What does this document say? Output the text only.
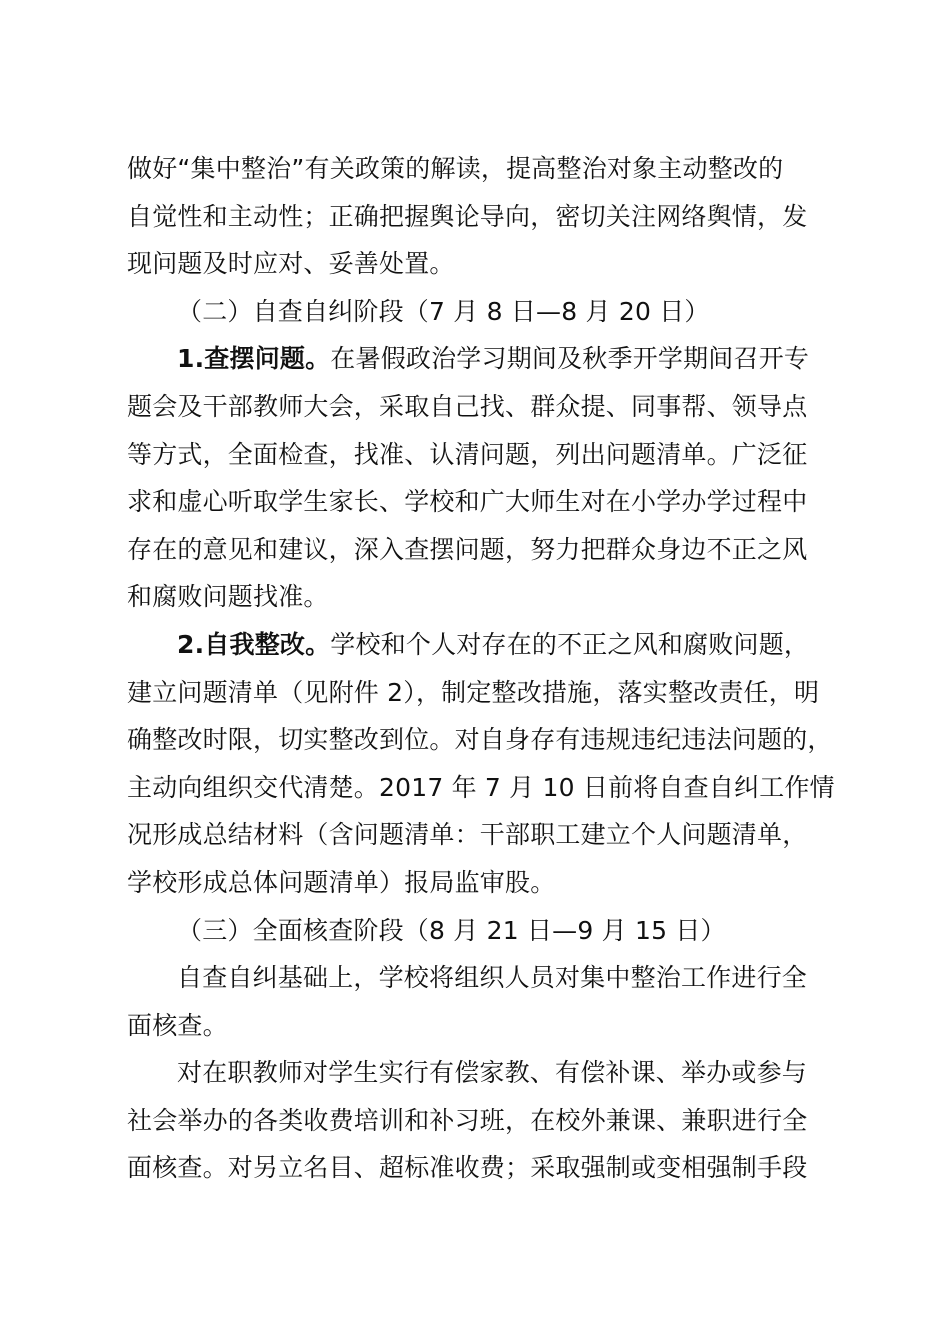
做好“集中整治”有关政策的解读，提高整治对象主动整改的
自觉性和主动性；正确把握舆论导向，密切关注网络舆情，发
现问题及时应对、妥善处置。
（二）自查自纠阶段（7 月 8 日—8 月 20 日）
1.查摆问题。在暑假政治学习期间及秋季开学期间召开专
题会及干部教师大会，采取自己找、群众提、同事帮、领导点
等方式，全面检查，找准、认清问题，列出问题清单。广泛征
求和虚心听取学生家长、学校和广大师生对在小学办学过程中
存在的意见和建议，深入查摆问题，努力把群众身边不正之风
和腐败问题找准。
2.自我整改。学校和个人对存在的不正之风和腐败问题，
建立问题清单（见附件 2），制定整改措施，落实整改责任，明
确整改时限，切实整改到位。对自身存有违规违纪违法问题的，
主动向组织交代清楚。2017 年 7 月 10 日前将自查自纠工作情
况形成总结材料（含问题清单：干部职工建立个人问题清单，
学校形成总体问题清单）报局监审股。
（三）全面核查阶段（8 月 21 日—9 月 15 日）
自查自纠基础上，学校将组织人员对集中整治工作进行全
面核查。
对在职教师对学生实行有偿家教、有偿补课、举办或参与
社会举办的各类收费培训和补习班，在校外兼课、兼职进行全
面核查。对另立名目、超标准收费；采取强制或变相强制手段
